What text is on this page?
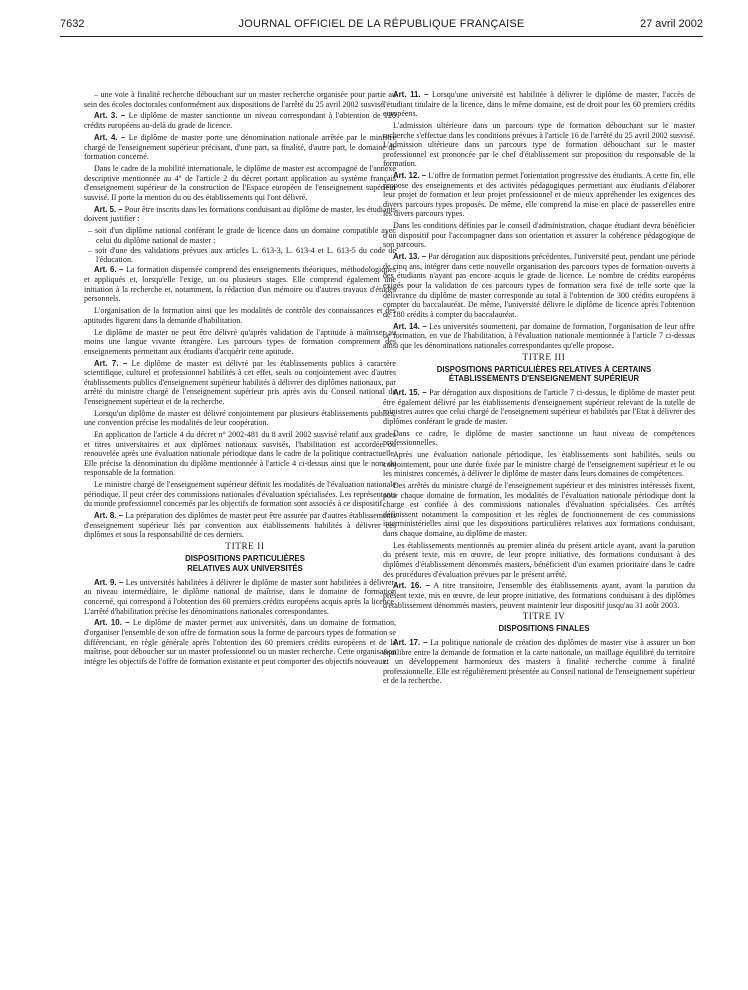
7632	JOURNAL OFFICIEL DE LA RÉPUBLIQUE FRANÇAISE	27 avril 2002

– une voie à finalité recherche débouchant sur un master recherche organisée pour partie au sein des écoles doctorales conformément aux dispositions de l'arrêté du 25 avril 2002 susvisé.

Art. 3. – Le diplôme de master sanctionne un niveau correspondant à l'obtention de 120 crédits européens au-delà du grade de licence.

Art. 4. – Le diplôme de master porte une dénomination nationale arrêtée par le ministre chargé de l'enseignement supérieur précisant, d'une part, sa finalité, d'autre part, le domaine de formation concerné.

Dans le cadre de la mobilité internationale, le diplôme de master est accompagné de l'annexe descriptive mentionnée au 4° de l'article 2 du décret portant application au système français d'enseignement supérieur de la construction de l'Espace européen de l'enseignement supérieur susvisé. Il porte la mention du ou des établissements qui l'ont délivré.

Art. 5. – Pour être inscrits dans les formations conduisant au diplôme de master, les étudiants doivent justifier :

– soit d'un diplôme national conférant le grade de licence dans un domaine compatible avec celui du diplôme national de master ;

– soit d'une des validations prévues aux articles L. 613-3, L. 613-4 et L. 613-5 du code de l'éducation.

Art. 6. – La formation dispensée comprend des enseignements théoriques, méthodologiques et appliqués et, lorsqu'elle l'exige, un ou plusieurs stages. Elle comprend également une initiation à la recherche et, notamment, la rédaction d'un mémoire ou d'autres travaux d'études personnels.

L'organisation de la formation ainsi que les modalités de contrôle des connaissances et des aptitudes figurent dans la demande d'habilitation.

Le diplôme de master ne peut être délivré qu'après validation de l'aptitude à maîtriser au moins une langue vivante étrangère. Les parcours types de formation comprennent des enseignements permettant aux étudiants d'acquérir cette aptitude.

Art. 7. – Le diplôme de master est délivré par les établissements publics à caractère scientifique, culturel et professionnel habilités à cet effet, seuls ou conjointement avec d'autres établissements publics d'enseignement supérieur habilités à délivrer des diplômes nationaux, par arrêté du ministre chargé de l'enseignement supérieur pris après avis du Conseil national de l'enseignement supérieur et de la recherche.

Lorsqu'un diplôme de master est délivré conjointement par plusieurs établissements publics, une convention précise les modalités de leur coopération.

En application de l'article 4 du décret n° 2002-481 du 8 avril 2002 susvisé relatif aux grades et titres universitaires et aux diplômes nationaux susvisés, l'habilitation est accordée ou renouvelée après une évaluation nationale périodique dans le cadre de la politique contractuelle. Elle précise la dénomination du diplôme mentionnée à l'article 4 ci-dessus ainsi que le nom du responsable de la formation.

Le ministre chargé de l'enseignement supérieur définit les modalités de l'évaluation nationale périodique. Il peut créer des commissions nationales d'évaluation spécialisées. Les représentants du monde professionnel concernés par les objectifs de formation sont associés à ce dispositif.

Art. 8. – La préparation des diplômes de master peut être assurée par d'autres établissements d'enseignement supérieur liés par convention aux établissements habilités à délivrer ces diplômes et sous la responsabilité de ces derniers.

TITRE II

DISPOSITIONS PARTICULIÈRES

RELATIVES AUX UNIVERSITÉS

Art. 9. – Les universités habilitées à délivrer le diplôme de master sont habilitées à délivrer, au niveau intermédiaire, le diplôme national de maîtrise, dans le domaine de formation concerné, qui correspond à l'obtention des 60 premiers crédits européens acquis après la licence. L'arrêté d'habilitation précise les dénominations nationales correspondantes.

Art. 10. – Le diplôme de master permet aux universités, dans un domaine de formation, d'organiser l'ensemble de son offre de formation sous la forme de parcours types de formation se différenciant, en règle générale après l'obtention des 60 premiers crédits européens et de la maîtrise, pour déboucher sur un master professionnel ou un master recherche. Cette organisation intègre les objectifs de l'offre de formation existante et peut comporter des objectifs nouveaux.

Art. 11. – Lorsqu'une université est habilitée à délivrer le diplôme de master, l'accès de l'étudiant titulaire de la licence, dans le même domaine, est de droit pour les 60 premiers crédits européens.

L'admission ultérieure dans un parcours type de formation débouchant sur le master recherche s'effectue dans les conditions prévues à l'article 16 de l'arrêté du 25 avril 2002 susvisé. L'admission ultérieure dans un parcours type de formation débouchant sur le master professionnel est prononcée par le chef d'établissement sur proposition du responsable de la formation.

Art. 12. – L'offre de formation permet l'orientation progressive des étudiants. A cette fin, elle propose des enseignements et des activités pédagogiques permettant aux étudiants d'élaborer leur projet de formation et leur projet professionnel et de mieux appréhender les exigences des divers parcours types proposés. De même, elle comprend la mise en place de passerelles entre les divers parcours types.

Dans les conditions définies par le conseil d'administration, chaque étudiant devra bénéficier d'un dispositif pour l'accompagner dans son orientation et assurer la cohérence pédagogique de son parcours.

Art. 13. – Par dérogation aux dispositions précédentes, l'université peut, pendant une période de cinq ans, intégrer dans cette nouvelle organisation des parcours types de formation ouverts à des étudiants n'ayant pas encore acquis le grade de licence. Le nombre de crédits européens exigés pour la validation de ces parcours types de formation sera fixé de telle sorte que la délivrance du diplôme de master corresponde au total à l'obtention de 300 crédits européens à compter du baccalauréat. De même, l'université délivre le diplôme de licence après l'obtention de 180 crédits à compter du baccalauréat.

Art. 14. – Les universités soumettent, par domaine de formation, l'organisation de leur offre de formation, en vue de l'habilitation, à l'évaluation nationale mentionnée à l'article 7 ci-dessus ainsi que les dénominations nationales correspondantes qu'elle propose.

TITRE III

DISPOSITIONS PARTICULIÈRES RELATIVES À CERTAINS

ÉTABLISSEMENTS D'ENSEIGNEMENT SUPÉRIEUR

Art. 15. – Par dérogation aux dispositions de l'article 7 ci-dessus, le diplôme de master peut être également délivré par les établissements d'enseignement supérieur relevant de la tutelle de ministres autres que celui chargé de l'enseignement supérieur et habilités par l'Etat à délivrer des diplômes conférant le grade de master.

Dans ce cadre, le diplôme de master sanctionne un haut niveau de compétences professionnelles.

Après une évaluation nationale périodique, les établissements sont habilités, seuls ou conjointement, pour une durée fixée par le ministre chargé de l'enseignement supérieur et le ou les ministres concernés, à délivrer le diplôme de master dans leurs domaines de compétences.

Des arrêtés du ministre chargé de l'enseignement supérieur et des ministres intéressés fixent, pour chaque domaine de formation, les modalités de l'évaluation nationale périodique dont la charge est confiée à des commissions nationales d'évaluation spécialisées. Ces arrêtés définissent notamment la composition et les règles de fonctionnement de ces commissions interministérielles ainsi que les dispositions particulières relatives aux formations conduisant, dans chaque domaine, au diplôme de master.

Les établissements mentionnés au premier alinéa du présent article ayant, avant la parution du présent texte, mis en œuvre, de leur propre initiative, des formations conduisant à des diplômes d'établissement dénommés masters, bénéficient d'un examen prioritaire dans le cadre des procédures d'évaluation prévues par le présent arrêté.

Art. 16. – A titre transitoire, l'ensemble des établissements ayant, avant la parution du présent texte, mis en œuvre, de leur propre initiative, des formations conduisant à des diplômes d'établissement dénommés masters, peuvent maintenir leur dispositif jusqu'au 31 août 2003.

TITRE IV

DISPOSITIONS FINALES

Art. 17. – La politique nationale de création des diplômes de master vise à assurer un bon équilibre entre la demande de formation et la carte nationale, un maillage équilibré du territoire et un développement harmonieux des masters à finalité recherche comme à finalité professionnelle. Elle est régulièrement présentée au Conseil national de l'enseignement supérieur et de la recherche.
